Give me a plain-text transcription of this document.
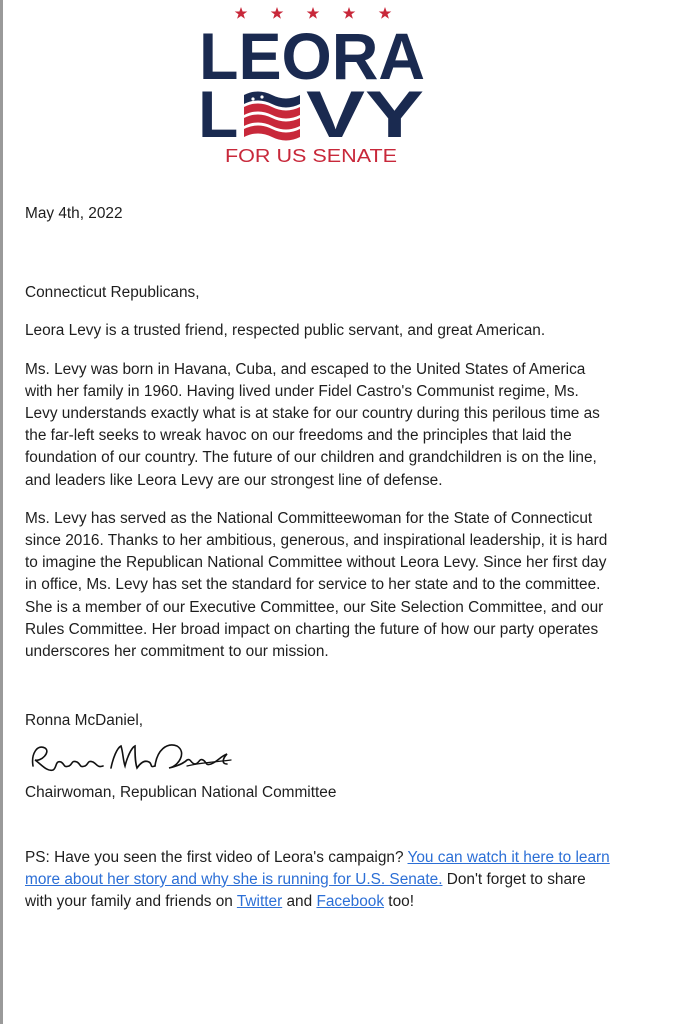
LEORA
L VY
FOR US SENATE

May 4th, 2022

Connecticut Republicans,

Leora Levy is a trusted friend, respected public servant, and great American.

Ms. Levy was born in Havana, Cuba, and escaped to the United States of America with her family in 1960. Having lived under Fidel Castro's Communist regime, Ms. Levy understands exactly what is at stake for our country during this perilous time as the far-left seeks to wreak havoc on our freedoms and the principles that laid the foundation of our country. The future of our children and grandchildren is on the line, and leaders like Leora Levy are our strongest line of defense.

Ms. Levy has served as the National Committeewoman for the State of Connecticut since 2016. Thanks to her ambitious, generous, and inspirational leadership, it is hard to imagine the Republican National Committee without Leora Levy. Since her first day in office, Ms. Levy has set the standard for service to her state and to the committee. She is a member of our Executive Committee, our Site Selection Committee, and our Rules Committee. Her broad impact on charting the future of how our party operates underscores her commitment to our mission.

Ronna McDaniel,

Chairwoman, Republican National Committee

PS: Have you seen the first video of Leora's campaign? You can watch it here to learn more about her story and why she is running for U.S. Senate. Don't forget to share with your family and friends on Twitter and Facebook too!
